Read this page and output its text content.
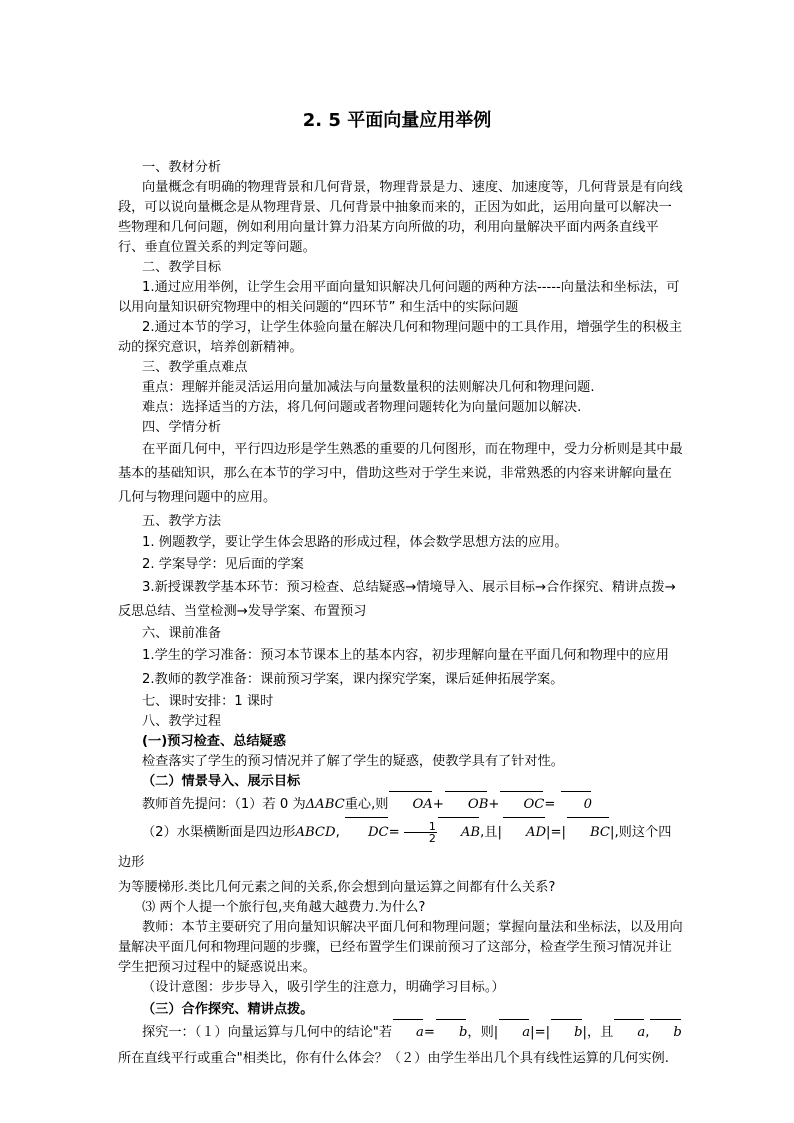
2. 5 平面向量应用举例

一、教材分析

向量概念有明确的物理背景和几何背景，物理背景是力、速度、加速度等，几何背景是有向线段，可以说向量概念是从物理背景、几何背景中抽象而来的，正因为如此，运用向量可以解决一些物理和几何问题，例如利用向量计算力沿某方向所做的功，利用向量解决平面内两条直线平行、垂直位置关系的判定等问题。

二、教学目标

1.通过应用举例，让学生会用平面向量知识解决几何问题的两种方法-----向量法和坐标法，可以用向量知识研究物理中的相关问题的“四环节” 和生活中的实际问题

2.通过本节的学习，让学生体验向量在解决几何和物理问题中的工具作用，增强学生的积极主动的探究意识，培养创新精神。

三、教学重点难点

重点：理解并能灵活运用向量加减法与向量数量积的法则解决几何和物理问题.

难点：选择适当的方法，将几何问题或者物理问题转化为向量问题加以解决.

四、学情分析

在平面几何中，平行四边形是学生熟悉的重要的几何图形，而在物理中，受力分析则是其中最基本的基础知识，那么在本节的学习中，借助这些对于学生来说，非常熟悉的内容来讲解向量在几何与物理问题中的应用。

五、教学方法

1. 例题教学，要让学生体会思路的形成过程，体会数学思想方法的应用。

2. 学案导学：见后面的学案

3.新授课教学基本环节：预习检查、总结疑惑→情境导入、展示目标→合作探究、精讲点拨→反思总结、当堂检测→发导学案、布置预习

六、课前准备

1.学生的学习准备：预习本节课本上的基本内容，初步理解向量在平面几何和物理中的应用

2.教师的教学准备：课前预习学案，课内探究学案，课后延伸拓展学案。

七、课时安排：1 课时

八、教学过程

(一)预习检查、总结疑惑

检查落实了学生的预习情况并了解了学生的疑惑，使教学具有了针对性。

（二）情景导入、展示目标

教师首先提问：（1）若 0 为ΔABC重心,则 OA+ OB+ OC= 0

（2）水渠横断面是四边形ABCD, $DC= \frac{1}{2}$ AB,且| AD|=| BC|,则这个四边形

为等腰梯形.类比几何元素之间的关系,你会想到向量运算之间都有什么关系?

⑶ 两个人提一个旅行包,夹角越大越费力.为什么?

教师：本节主要研究了用向量知识解决平面几何和物理问题；掌握向量法和坐标法，以及用向量解决平面几何和物理问题的步骤，已经布置学生们课前预习了这部分，检查学生预习情况并让学生把预习过程中的疑惑说出来。

（设计意图：步步导入，吸引学生的注意力，明确学习目标。）

（三）合作探究、精讲点拨。

探究一：（１）向量运算与几何中的结论"若 a= b，则| a|=| b|，且 a, b所在直线平行或重合"相类比，你有什么体会？（２）由学生举出几个具有线性运算的几何实例.
